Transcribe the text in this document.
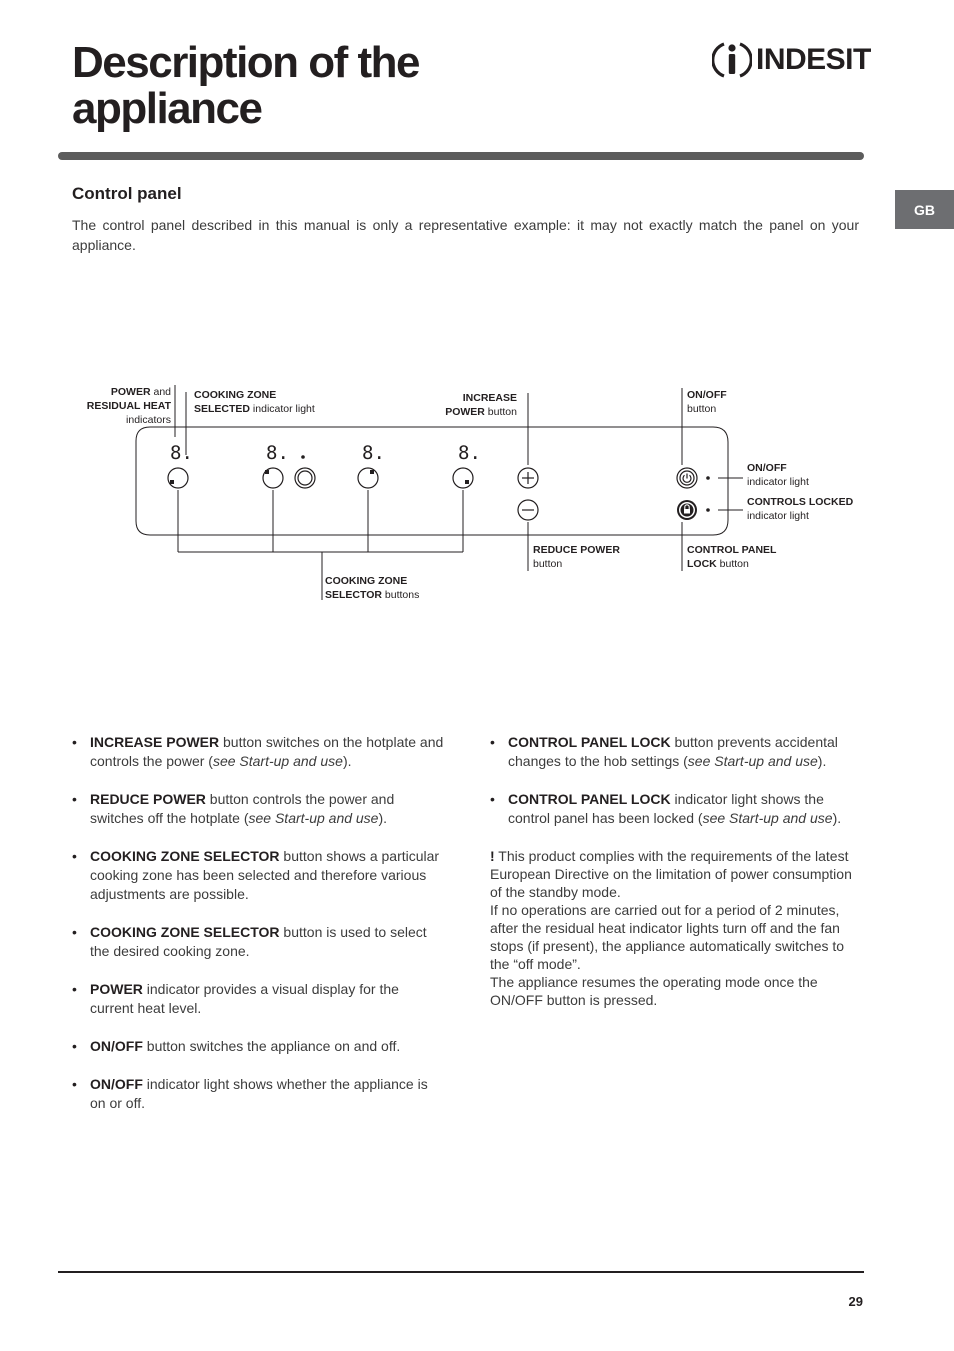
Description of the
appliance
INDESIT
GB
Control panel

The control panel described in this manual is only a representative example: it may not exactly match the panel on your appliance.

8.	8.	8.	8.
POWER and
RESIDUAL HEAT
indicators
COOKING ZONE
SELECTED indicator light
INCREASE
POWER button
ON/OFF
button
ON/OFF
indicator light
CONTROLS LOCKED
indicator light
REDUCE POWER
button
CONTROL PANEL
LOCK button
COOKING ZONE
SELECTOR buttons
• INCREASE POWER button switches on the hotplate and controls the power (see Start-up and use).
• REDUCE POWER button controls the power and switches off the hotplate (see Start-up and use).
• COOKING ZONE SELECTOR button shows a particular cooking zone has been selected and therefore various adjustments are possible.
• COOKING ZONE SELECTOR button is used to select the desired cooking zone.
• POWER indicator provides a visual display for the current heat level.
• ON/OFF button switches the appliance on and off.
• ON/OFF indicator light shows whether the appliance is on or off.
• CONTROL PANEL LOCK button prevents accidental changes to the hob settings (see Start-up and use).
• CONTROL PANEL LOCK indicator light shows the control panel has been locked (see Start-up and use).
! This product complies with the requirements of the latest European Directive on the limitation of power consumption of the standby mode.
If no operations are carried out for a period of 2 minutes, after the residual heat indicator lights turn off and the fan stops (if present), the appliance automatically switches to the “off mode”.
The appliance resumes the operating mode once the ON/OFF button is pressed.
29
